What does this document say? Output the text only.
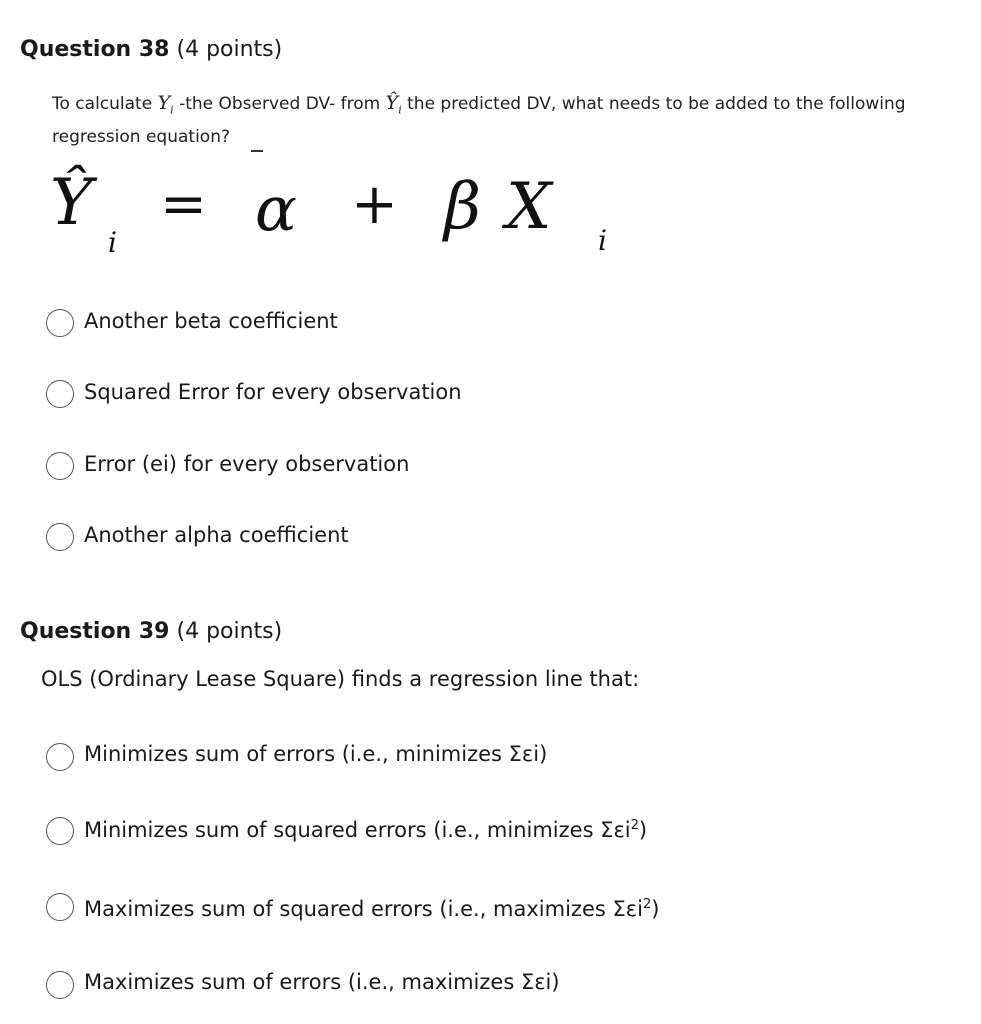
Question 38 (4 points)
To calculate $Y_i$ -the Observed DV- from $Ŷ_i$ the predicted DV, what needs to be added to the following
regression equation?
Ŷ
i
= α + β X i
Another beta coefficient
Squared Error for every observation
Error (ei) for every observation
Another alpha coefficient
Question 39 (4 points)
OLS (Ordinary Lease Square) finds a regression line that:
Minimizes sum of errors (i.e., minimizes Σεi)
Minimizes sum of squared errors (i.e., minimizes Σεi$^2$)
Maximizes sum of squared errors (i.e., maximizes Σεi$^2$)
Maximizes sum of errors (i.e., maximizes Σεi)
